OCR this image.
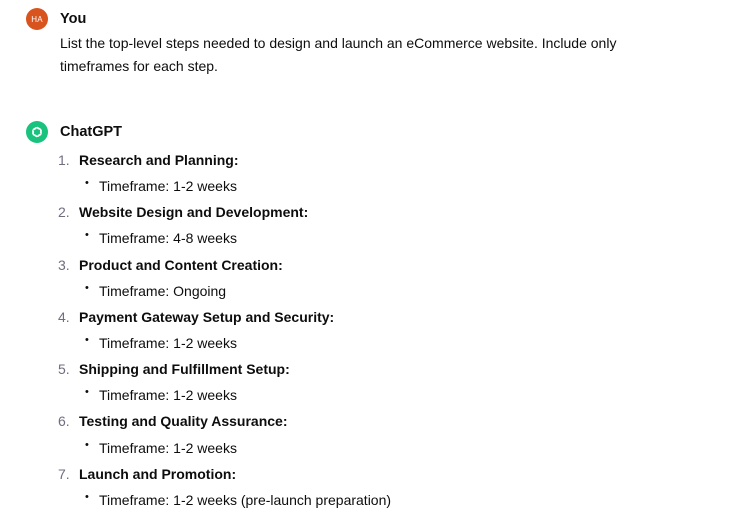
HA You
List the top-level steps needed to design and launch an eCommerce website. Include only timeframes for each step.
ChatGPT
1. Research and Planning:
• Timeframe: 1-2 weeks
2. Website Design and Development:
• Timeframe: 4-8 weeks
3. Product and Content Creation:
• Timeframe: Ongoing
4. Payment Gateway Setup and Security:
• Timeframe: 1-2 weeks
5. Shipping and Fulfillment Setup:
• Timeframe: 1-2 weeks
6. Testing and Quality Assurance:
• Timeframe: 1-2 weeks
7. Launch and Promotion:
• Timeframe: 1-2 weeks (pre-launch preparation)
